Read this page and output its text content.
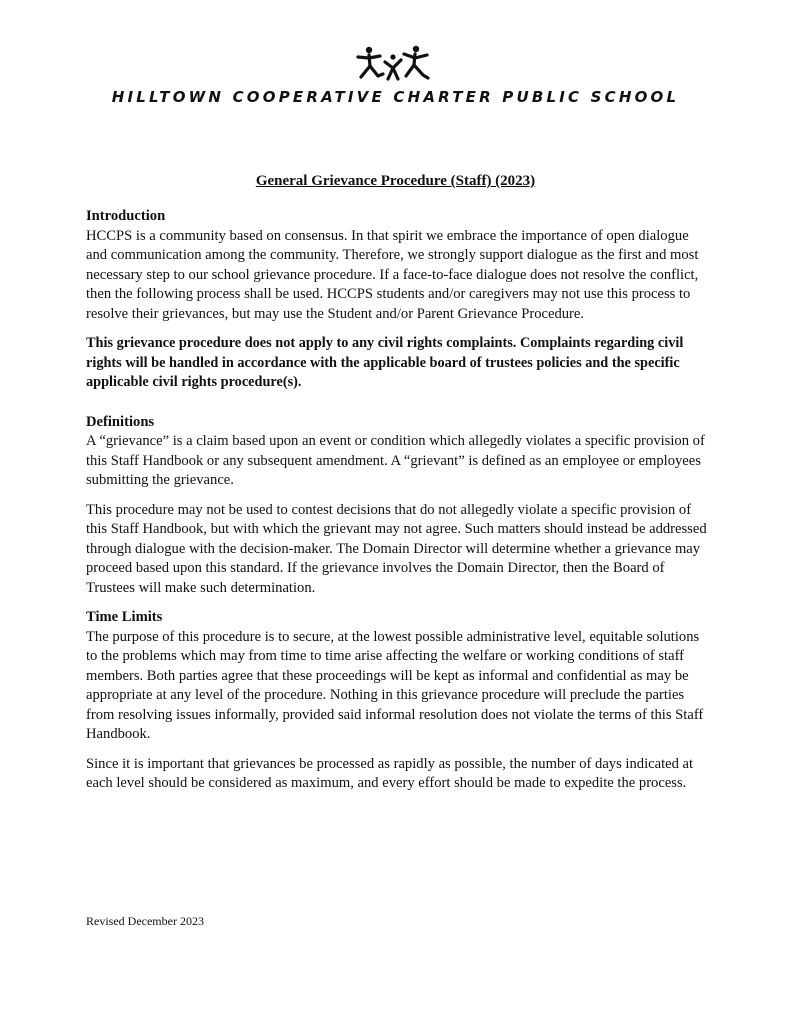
HILLTOWN COOPERATIVE CHARTER PUBLIC SCHOOL
General Grievance Procedure (Staff) (2023)

Introduction

HCCPS is a community based on consensus. In that spirit we embrace the importance of open dialogue and communication among the community. Therefore, we strongly support dialogue as the first and most necessary step to our school grievance procedure. If a face-to-face dialogue does not resolve the conflict, then the following process shall be used. HCCPS students and/or caregivers may not use this process to resolve their grievances, but may use the Student and/or Parent Grievance Procedure.

This grievance procedure does not apply to any civil rights complaints. Complaints regarding civil rights will be handled in accordance with the applicable board of trustees policies and the specific applicable civil rights procedure(s).

Definitions

A “grievance” is a claim based upon an event or condition which allegedly violates a specific provision of this Staff Handbook or any subsequent amendment. A “grievant” is defined as an employee or employees submitting the grievance.

This procedure may not be used to contest decisions that do not allegedly violate a specific provision of this Staff Handbook, but with which the grievant may not agree. Such matters should instead be addressed through dialogue with the decision-maker. The Domain Director will determine whether a grievance may proceed based upon this standard. If the grievance involves the Domain Director, then the Board of Trustees will make such determination.

Time Limits

The purpose of this procedure is to secure, at the lowest possible administrative level, equitable solutions to the problems which may from time to time arise affecting the welfare or working conditions of staff members. Both parties agree that these proceedings will be kept as informal and confidential as may be appropriate at any level of the procedure. Nothing in this grievance procedure will preclude the parties from resolving issues informally, provided said informal resolution does not violate the terms of this Staff Handbook.

Since it is important that grievances be processed as rapidly as possible, the number of days indicated at each level should be considered as maximum, and every effort should be made to expedite the process.

Revised December 2023
